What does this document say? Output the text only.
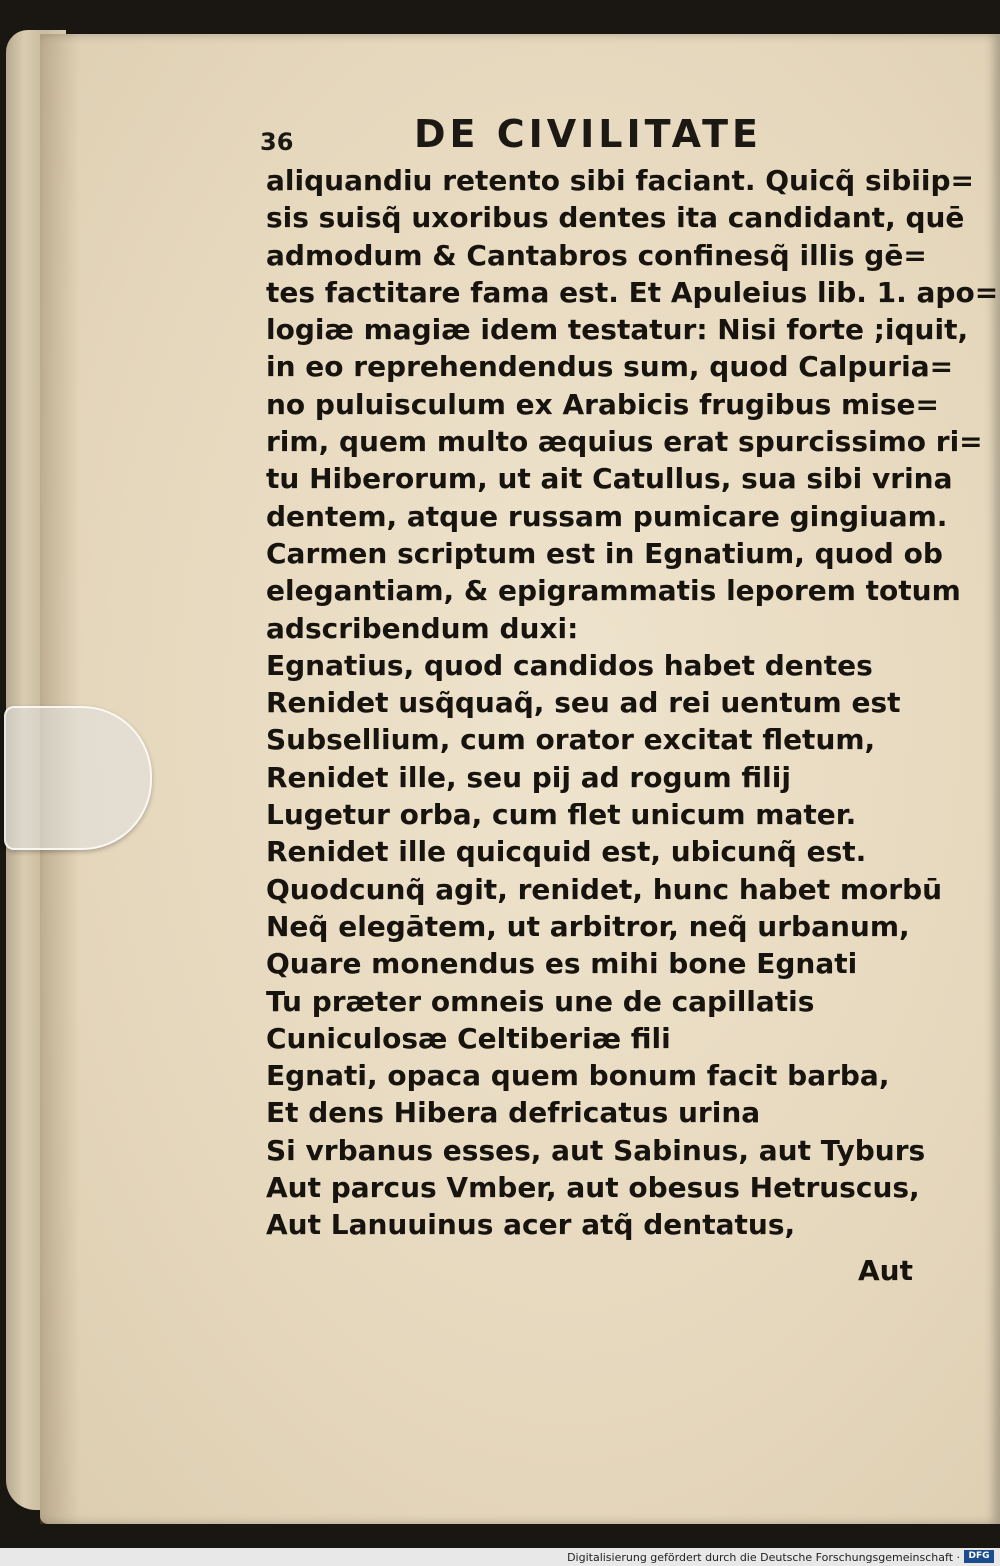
36	DE CIVILITATE
aliquandiu retento sibi faciant. Quicq̃ sibiip=
sis suisq̃ uxoribus dentes ita candidant, quē
admodum & Cantabros confinesq̃ illis gē=
tes factitare fama est. Et Apuleius lib. 1. apo=
logiæ magiæ idem testatur: Nisi forte ;iquit,
in eo reprehendendus sum, quod Calpuria=
no puluisculum ex Arabicis frugibus mise=
rim, quem multo æquius erat spurcissimo ri=
tu Hiberorum, ut ait Catullus, sua sibi vrina
dentem, atque russam pumicare gingiuam.
Carmen scriptum est in Egnatium, quod ob
elegantiam, & epigrammatis leporem totum
adscribendum duxi:
Egnatius, quod candidos habet dentes
Renidet usq̃quaq̃, seu ad rei uentum est
Subsellium, cum orator excitat fletum,
Renidet ille, seu pij ad rogum filij
Lugetur orba, cum flet unicum mater.
Renidet ille quicquid est, ubicunq̃ est.
Quodcunq̃ agit, renidet, hunc habet morbū
Neq̃ elegātem, ut arbitror, neq̃ urbanum,
Quare monendus es mihi bone Egnati
Tu præter omneis une de capillatis
Cuniculosæ Celtiberiæ fili
Egnati, opaca quem bonum facit barba,
Et dens Hibera defricatus urina
Si vrbanus esses, aut Sabinus, aut Tyburs
Aut parcus Vmber, aut obesus Hetruscus,
Aut Lanuuinus acer atq̃ dentatus,
Aut
Digitalisierung gefördert durch die Deutsche Forschungsgemeinschaft · DFG
